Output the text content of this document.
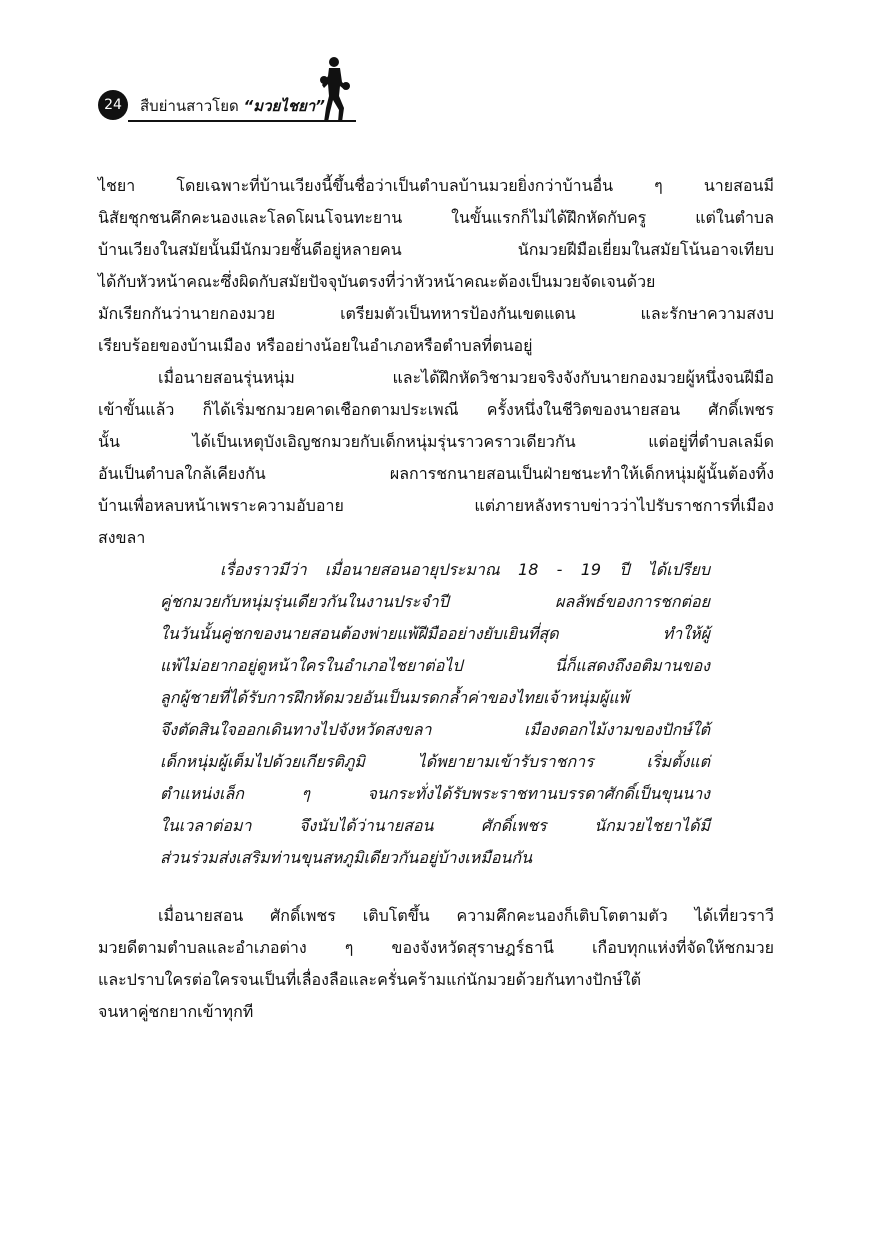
24	สืบย่านสาวโยด “มวยไชยา”

ไชยา โดยเฉพาะที่บ้านเวียงนี้ขึ้นชื่อว่าเป็นตำบลบ้านมวยยิ่งกว่าบ้านอื่น ๆ นายสอนมี
นิสัยชุกชนคึกคะนองและโลดโผนโจนทะยาน ในขั้นแรกก็ไม่ได้ฝึกหัดกับครู แต่ในตำบล
บ้านเวียงในสมัยนั้นมีนักมวยชั้นดีอยู่หลายคน นักมวยฝีมือเยี่ยมในสมัยโน้นอาจเทียบ
ได้กับหัวหน้าคณะซึ่งผิดกับสมัยปัจจุบันตรงที่ว่าหัวหน้าคณะต้องเป็นมวยจัดเจนด้วย
มักเรียกกันว่านายกองมวย เตรียมตัวเป็นทหารป้องกันเขตแดน และรักษาความสงบ
เรียบร้อยของบ้านเมือง หรืออย่างน้อยในอำเภอหรือตำบลที่ตนอยู่

เมื่อนายสอนรุ่นหนุ่ม และได้ฝึกหัดวิชามวยจริงจังกับนายกองมวยผู้หนึ่งจนฝีมือ
เข้าขั้นแล้ว ก็ได้เริ่มชกมวยคาดเชือกตามประเพณี ครั้งหนึ่งในชีวิตของนายสอน ศักดิ์เพชร
นั้น ได้เป็นเหตุบังเอิญชกมวยกับเด็กหนุ่มรุ่นราวคราวเดียวกัน แต่อยู่ที่ตำบลเลม็ด
อันเป็นตำบลใกล้เคียงกัน ผลการชกนายสอนเป็นฝ่ายชนะทำให้เด็กหนุ่มผู้นั้นต้องทิ้ง
บ้านเพื่อหลบหน้าเพราะความอับอาย แต่ภายหลังทราบข่าวว่าไปรับราชการที่เมือง
สงขลา

เรื่องราวมีว่า เมื่อนายสอนอายุประมาณ 18 - 19 ปี ได้เปรียบ
คู่ชกมวยกับหนุ่มรุ่นเดียวกันในงานประจำปี ผลลัพธ์ของการชกต่อย
ในวันนั้นคู่ชกของนายสอนต้องพ่ายแพ้ฝีมืออย่างยับเยินที่สุด ทำให้ผู้
แพ้ไม่อยากอยู่ดูหน้าใครในอำเภอไชยาต่อไป นี่ก็แสดงถึงอติมานของ
ลูกผู้ชายที่ได้รับการฝึกหัดมวยอันเป็นมรดกล้ำค่าของไทยเจ้าหนุ่มผู้แพ้
จึงตัดสินใจออกเดินทางไปจังหวัดสงขลา เมืองดอกไม้งามของปักษ์ใต้
เด็กหนุ่มผู้เต็มไปด้วยเกียรติภูมิ ได้พยายามเข้ารับราชการ เริ่มตั้งแต่
ตำแหน่งเล็ก ๆ จนกระทั่งได้รับพระราชทานบรรดาศักดิ์เป็นขุนนาง
ในเวลาต่อมา จึงนับได้ว่านายสอน ศักดิ์เพชร นักมวยไชยาได้มี
ส่วนร่วมส่งเสริมท่านขุนสหภูมิเดียวกันอยู่บ้างเหมือนกัน

เมื่อนายสอน ศักดิ์เพชร เติบโตขึ้น ความคึกคะนองก็เติบโตตามตัว ได้เที่ยวราวี
มวยดีตามตำบลและอำเภอต่าง ๆ ของจังหวัดสุราษฎร์ธานี เกือบทุกแห่งที่จัดให้ชกมวย
และปราบใครต่อใครจนเป็นที่เลื่องลือและครั่นคร้ามแก่นักมวยด้วยกันทางปักษ์ใต้
จนหาคู่ชกยากเข้าทุกที
